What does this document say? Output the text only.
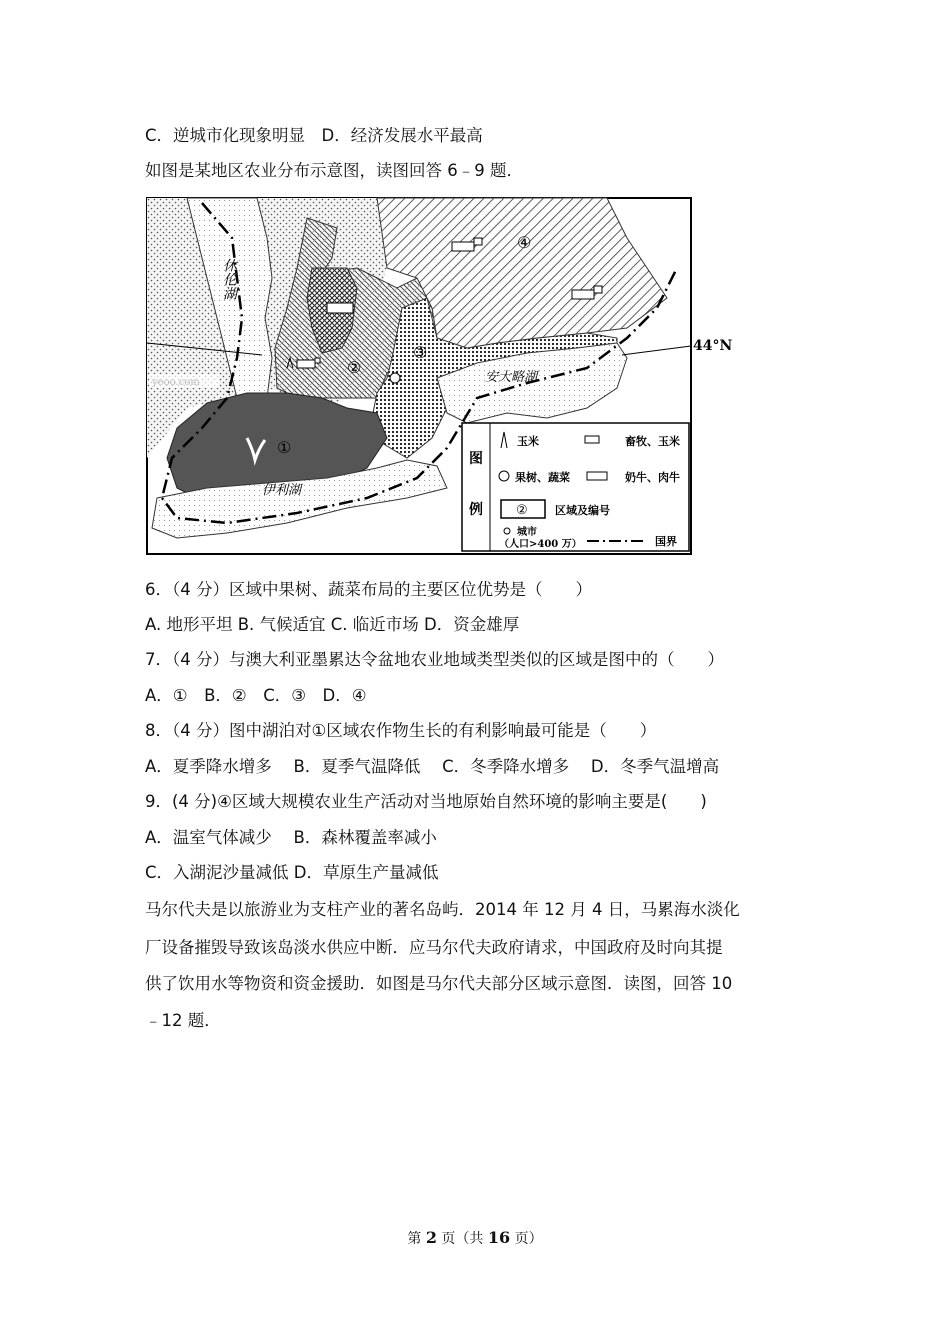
C．逆城市化现象明显　D．经济发展水平最高
如图是某地区农业分布示意图，读图回答 6﹣9 题．
yeoo.com
休伦湖
安大略湖
伊利湖
44°N
①
②
③
④
图
例
玉米	畜牧、玉米
果树、蔬菜	奶牛、肉牛
② 区域及编号
城市
（人口>400 万）	国界
6．（4 分）区域中果树、蔬菜布局的主要区位优势是（　　）
A. 地形平坦 B. 气候适宜 C. 临近市场 D．资金雄厚
7．（4 分）与澳大利亚墨累达令盆地农业地域类型类似的区域是图中的（　　）
A．①　B．②　C．③　D．④
8．（4 分）图中湖泊对①区域农作物生长的有利影响最可能是（　　）
A．夏季降水增多　 B．夏季气温降低　 C．冬季降水增多　 D．冬季气温增高
9．(4 分)④区域大规模农业生产活动对当地原始自然环境的影响主要是(　　)
A．温室气体减少　 B．森林覆盖率减小
C．入湖泥沙量减低 D．草原生产量减低
马尔代夫是以旅游业为支柱产业的著名岛屿．2014 年 12 月 4 日，马累海水淡化
厂设备摧毁导致该岛淡水供应中断．应马尔代夫政府请求，中国政府及时向其提
供了饮用水等物资和资金援助．如图是马尔代夫部分区域示意图．读图，回答 10
﹣12 题．
第 2 页（共 16 页）
